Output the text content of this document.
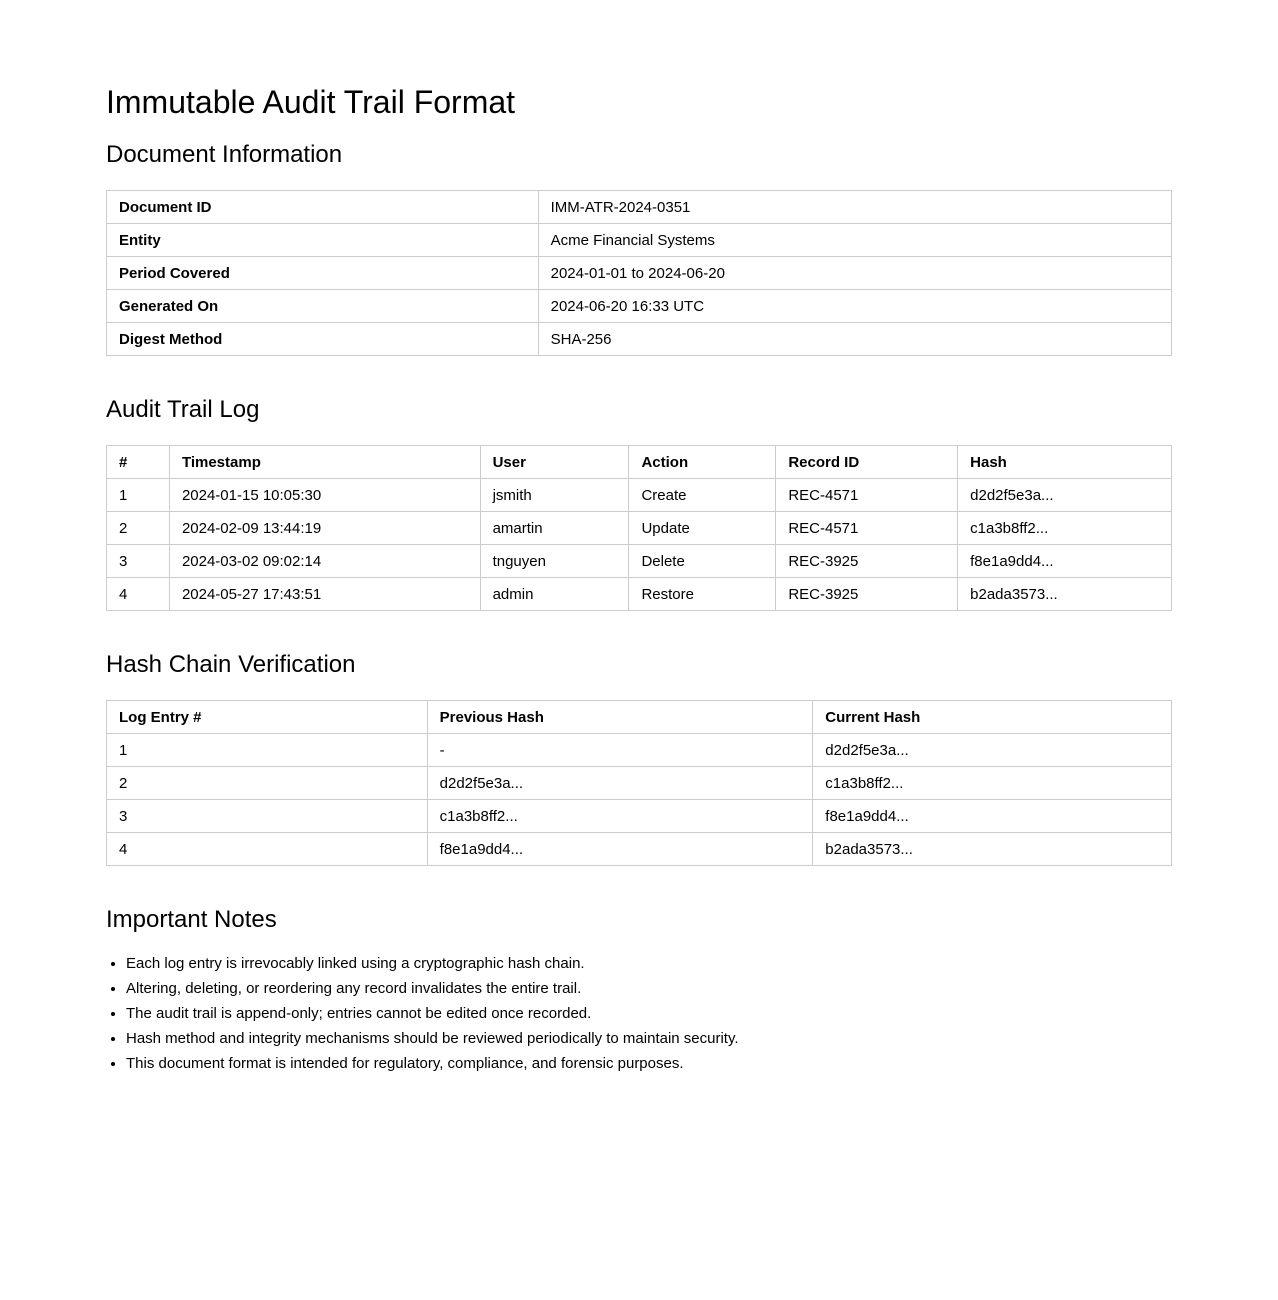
Immutable Audit Trail Format
Document Information
Document ID	IMM-ATR-2024-0351
Entity	Acme Financial Systems
Period Covered	2024-01-01 to 2024-06-20
Generated On	2024-06-20 16:33 UTC
Digest Method	SHA-256
Audit Trail Log
#	Timestamp	User	Action	Record ID	Hash
1	2024-01-15 10:05:30	jsmith	Create	REC-4571	d2d2f5e3a...
2	2024-02-09 13:44:19	amartin	Update	REC-4571	c1a3b8ff2...
3	2024-03-02 09:02:14	tnguyen	Delete	REC-3925	f8e1a9dd4...
4	2024-05-27 17:43:51	admin	Restore	REC-3925	b2ada3573...
Hash Chain Verification
Log Entry #	Previous Hash	Current Hash
1	-	d2d2f5e3a...
2	d2d2f5e3a...	c1a3b8ff2...
3	c1a3b8ff2...	f8e1a9dd4...
4	f8e1a9dd4...	b2ada3573...
Important Notes
• Each log entry is irrevocably linked using a cryptographic hash chain.
• Altering, deleting, or reordering any record invalidates the entire trail.
• The audit trail is append-only; entries cannot be edited once recorded.
• Hash method and integrity mechanisms should be reviewed periodically to maintain security.
• This document format is intended for regulatory, compliance, and forensic purposes.
